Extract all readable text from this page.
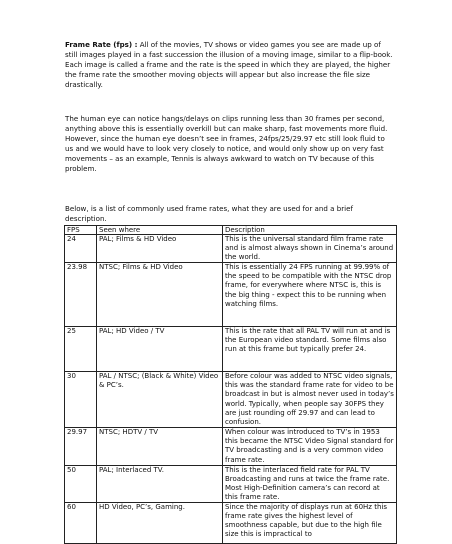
Frame Rate (fps) : All of the movies, TV shows or video games you see are made up of still images played in a fast succession the illusion of a moving image, similar to a flip-book. Each image is called a frame and the rate is the speed in which they are played, the higher the frame rate the smoother moving objects will appear but also increase the file size drastically.

The human eye can notice hangs/delays on clips running less than 30 frames per second, anything above this is essentially overkill but can make sharp, fast movements more fluid. However, since the human eye doesn’t see in frames, 24fps/25/29.97 etc still look fluid to us and we would have to look very closely to notice, and would only show up on very fast movements – as an example, Tennis is always awkward to watch on TV because of this problem.

Below, is a list of commonly used frame rates, what they are used for and a brief description.

FPS	Seen where	Description
24	PAL; Films & HD Video	This is the universal standard film frame rate and is almost always shown in Cinema’s around the world.
23.98	NTSC; Films & HD Video	This is essentially 24 FPS running at 99.99% of the speed to be compatible with the NTSC drop frame, for everywhere where NTSC is, this is the big thing - expect this to be running when watching films.
25	PAL; HD Video / TV	This is the rate that all PAL TV will run at and is the European video standard. Some films also run at this frame but typically prefer 24.
30	PAL / NTSC; (Black & White) Video & PC’s.	Before colour was added to NTSC video signals, this was the standard frame rate for video to be broadcast in but is almost never used in today’s world. Typically, when people say 30FPS they are just rounding off 29.97 and can lead to confusion.
29.97	NTSC; HDTV / TV	When colour was introduced to TV’s in 1953 this became the NTSC Video Signal standard for TV broadcasting and is a very common video frame rate.
50	PAL; Interlaced TV.	This is the interlaced field rate for PAL TV Broadcasting and runs at twice the frame rate. Most High-Definition camera’s can record at this frame rate.
60	HD Video, PC’s, Gaming.	Since the majority of displays run at 60Hz this frame rate gives the highest level of smoothness capable, but due to the high file size this is impractical to
